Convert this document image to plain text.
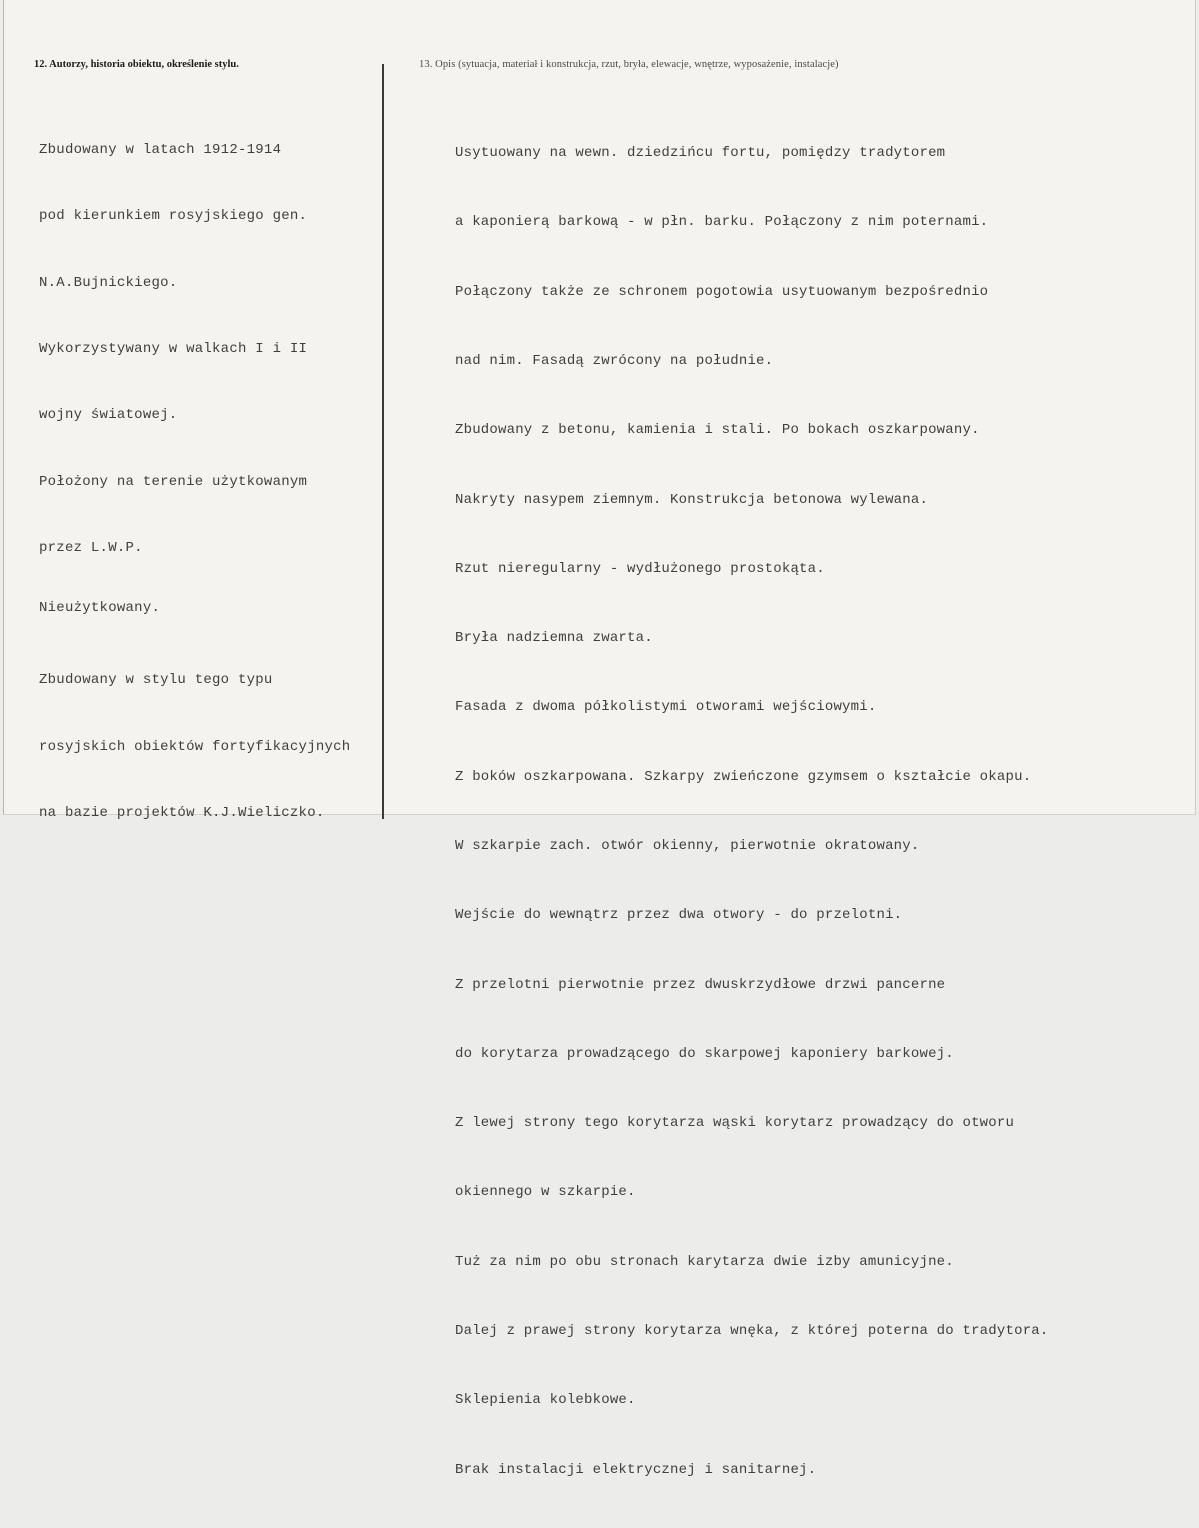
12. Autorzy, historia obiektu, określenie stylu.	13. Opis (sytuacja, materiał i konstrukcja, rzut, bryła, elewacje, wnętrze, wyposażenie, instalacje)

Zbudowany w latach 1912-1914

pod kierunkiem rosyjskiego gen.

N.A.Bujnickiego.

Wykorzystywany w walkach I i II

wojny światowej.

Położony na terenie użytkowanym

przez L.W.P.

Nieużytkowany.

Zbudowany w stylu tego typu

rosyjskich obiektów fortyfikacyjnych

na bazie projektów K.J.Wieliczko.

Usytuowany na wewn. dziedzińcu fortu, pomiędzy tradytorem

a kaponierą barkową - w płn. barku. Połączony z nim poternami.

Połączony także ze schronem pogotowia usytuowanym bezpośrednio

nad nim. Fasadą zwrócony na południe.

Zbudowany z betonu, kamienia i stali. Po bokach oszkarpowany.

Nakryty nasypem ziemnym. Konstrukcja betonowa wylewana.

Rzut nieregularny - wydłużonego prostokąta.

Bryła nadziemna zwarta.

Fasada z dwoma półkolistymi otworami wejściowymi.

Z boków oszkarpowana. Szkarpy zwieńczone gzymsem o kształcie okapu.

W szkarpie zach. otwór okienny, pierwotnie okratowany.

Wejście do wewnątrz przez dwa otwory - do przelotni.

Z przelotni pierwotnie przez dwuskrzydłowe drzwi pancerne

do korytarza prowadzącego do skarpowej kaponiery barkowej.

Z lewej strony tego korytarza wąski korytarz prowadzący do otworu

okiennego w szkarpie.

Tuż za nim po obu stronach karytarza dwie izby amunicyjne.

Dalej z prawej strony korytarza wnęka, z której poterna do tradytora.

Sklepienia kolebkowe.

Brak instalacji elektrycznej i sanitarnej.
